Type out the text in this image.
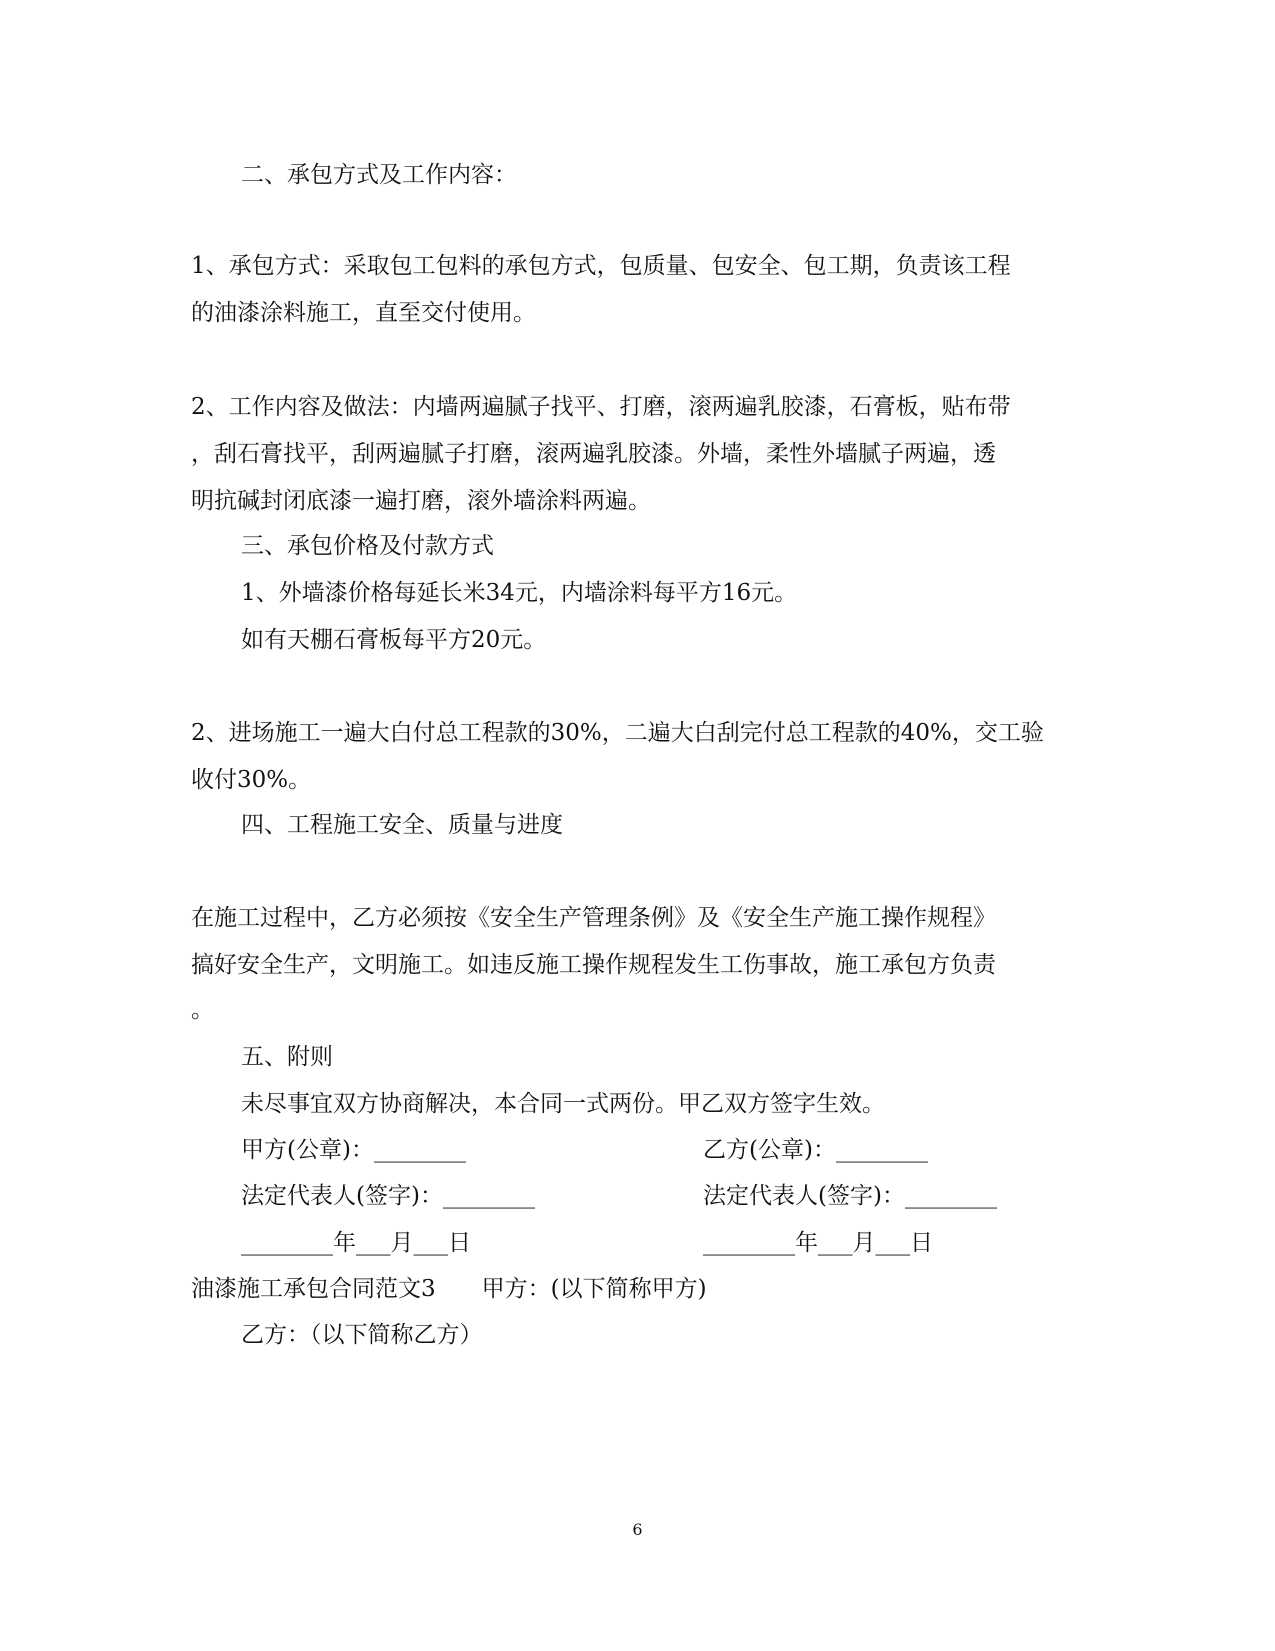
二、承包方式及工作内容：
1、承包方式：采取包工包料的承包方式，包质量、包安全、包工期，负责该工程
的油漆涂料施工，直至交付使用。
2、工作内容及做法：内墙两遍腻子找平、打磨，滚两遍乳胶漆，石膏板，贴布带
，刮石膏找平，刮两遍腻子打磨，滚两遍乳胶漆。外墙，柔性外墙腻子两遍，透
明抗碱封闭底漆一遍打磨，滚外墙涂料两遍。
三、承包价格及付款方式
1、外墙漆价格每延长米34元，内墙涂料每平方16元。
如有天棚石膏板每平方20元。
2、进场施工一遍大白付总工程款的30%，二遍大白刮完付总工程款的40%，交工验
收付30%。
四、工程施工安全、质量与进度
在施工过程中，乙方必须按《安全生产管理条例》及《安全生产施工操作规程》
搞好安全生产，文明施工。如违反施工操作规程发生工伤事故，施工承包方负责
。
五、附则
未尽事宜双方协商解决，本合同一式两份。甲乙双方签字生效。
甲方(公章)：________	乙方(公章)：________
法定代表人(签字)：________	法定代表人(签字)：________
________年___月___日	________年___月___日
油漆施工承包合同范文3　　甲方：(以下简称甲方)
乙方：（以下简称乙方）
6
